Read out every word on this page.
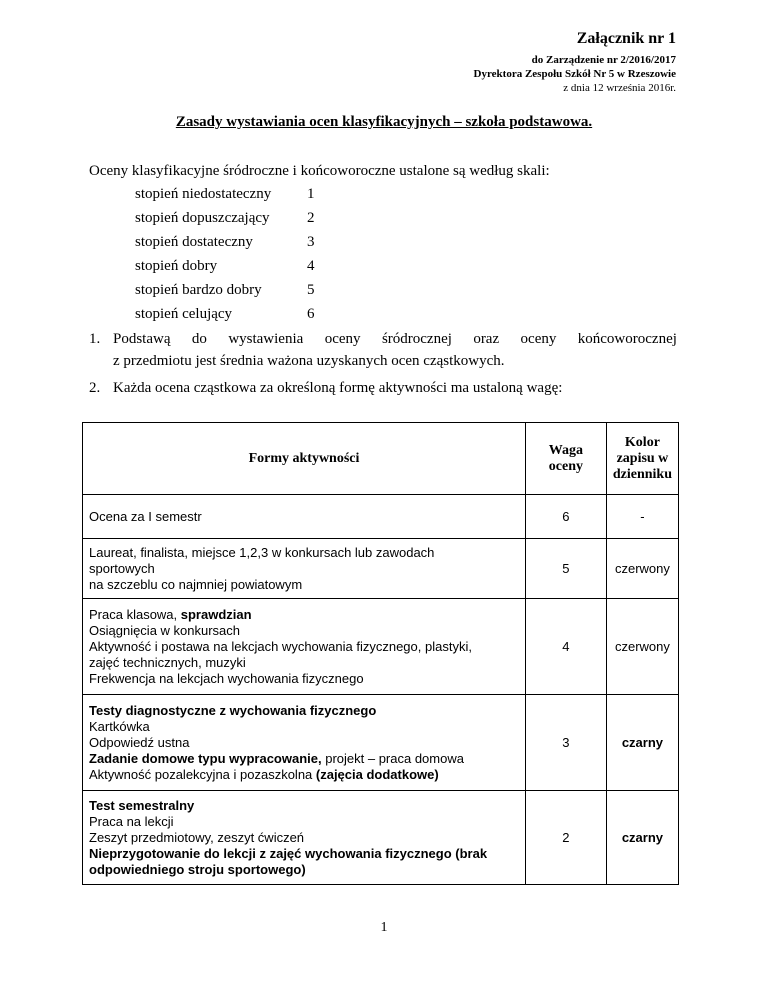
Załącznik nr 1
do Zarządzenie nr 2/2016/2017
Dyrektora Zespołu Szkół Nr 5 w Rzeszowie
z dnia 12 września 2016r.
Zasady wystawiania ocen klasyfikacyjnych – szkoła podstawowa.
Oceny klasyfikacyjne śródroczne i końcoworoczne ustalone są według skali:
stopień niedostateczny 1
stopień dopuszczający 2
stopień dostateczny	3
stopień dobry	4
stopień bardzo dobry	5
stopień celujący	6
1. Podstawą do wystawienia oceny śródrocznej oraz oceny końcoworocznej
z przedmiotu jest średnia ważona uzyskanych ocen cząstkowych.
2. Każda ocena cząstkowa za określoną formę aktywności ma ustaloną wagę:
Formy aktywności	Waga oceny	Kolor zapisu w dzienniku

Ocena za I semestr	6	-

Laureat, finalista, miejsce 1,2,3 w konkursach lub zawodach
sportowych
na szczeblu co najmniej powiatowym	5	czerwony

Praca klasowa, sprawdzian
Osiągnięcia w konkursach
Aktywność i postawa na lekcjach wychowania fizycznego, plastyki,
zajęć technicznych, muzyki
Frekwencja na lekcjach wychowania fizycznego	4	czerwony

Testy diagnostyczne z wychowania fizycznego
Kartkówka
Odpowiedź ustna
Zadanie domowe typu wypracowanie, projekt – praca domowa
Aktywność pozalekcyjna i pozaszkolna (zajęcia dodatkowe)	3	czarny

Test semestralny
Praca na lekcji
Zeszyt przedmiotowy, zeszyt ćwiczeń
Nieprzygotowanie do lekcji z zajęć wychowania fizycznego (brak
odpowiedniego stroju sportowego)	2	czarny
1
